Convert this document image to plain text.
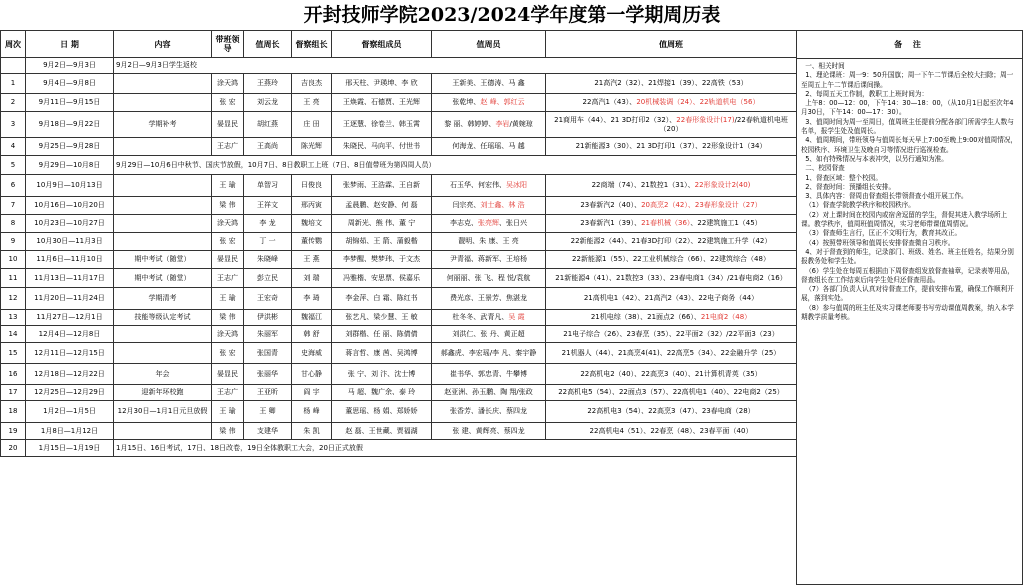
开封技师学院2023/2024学年度第一学期周历表
周次	日 期	内容	带班领导	值周长	督察组长	督察组成员	值周员	值周班
	9月2日—9月3日	9月2日—9月3日学生返校						
1	9月4日—9月8日		涂天鸿	王燕玲	吉良杰	邢天柱、尹瑛坤、李 欣	王新美、王德涛、马 鑫	21高汽2（32）、21焊接1（39）、22高铁（53）
2	9月11日—9月15日		张 宏	刘云龙	王 亮	王焕霞、石德贾、王光辉	张乾坤、赵 峰、郭红云	22高汽1（43）、20机械装调（24）、22轨道机电（56）
3	9月18日—9月22日	学期补考	晏显民	胡红燕	庄 田	王逐慧、徐卷兰、韩玉霄	黎 丽、韩婷婷、李岩/黄婉琼	21商用车（44）、21 3D打印2（32）、22春形象设计(17)/22春轨道机电班（20）
4	9月25日—9月28日		王志广	王高尚	陈光辉	朱晓民、马向平、付世书	何海龙、任瑶瑶、马 越	21新能源3（30）、21 3D打印1（37）、22形象设计1（34）
5	9月29日—10月8日	9月29日—10月6日中秋节、国庆节放假，10月7日、8日教职工上班（7日、8日值带班为第四周人员）						
6	10月9日—10月13日		王 瑜	单智习	曰俊良	张梦雨、王浩霖、王自新	石玉华、何宏伟、吴冰阳	22商端（74）、21数控1（31）、22形象设计2(40)
7	10月16日—10月20日		梁 伟	王祥文	邢丙寅	孟晨鹏、赵安静、何 磊	闫宗亮、刘士鑫、林 浩	23春新汽2（40）、20高烹2（42）、23春形象设计（27）
8	10月23日—10月27日		涂天鸿	李 龙	魏培文	周新光、熊 伟、董 宁	李志克、张亮辉、张日兴	23春新汽1（39）、21春机械（36）、22建筑施工1（45）
9	10月30日—11月3日		张 宏	丁 一	董传鹦	胡锦茹、王 箭、蒲毅楷	靓明、朱 康、王 亮	22新能源2（44）、21春3D打印（22）、22建筑施工升学（42）
10	11月6日—11月10日	期中考试（随堂）	晏显民	朱晓峰	王 燕	李梦醒、樊梦玮、于文杰	尹青福、蒋新军、王培杨	22新能源1（55）、22工业机械综合（66）、22建筑综合（48）
11	11月13日—11月17日	期中考试（随堂）	王志广	彭立民	刘 瑞	冯雅楷、安思票、侯嘉乐	何丽丽、张 飞、程 悦/袁航	21新能源4（41）、21数控3（33）、23春电商1（34）/21春电商2（16）
12	11月20日—11月24日	学期清考	王 瑜	王宏奇	李 琦	李金萍、白 霜、陈红书	费光彦、王景芳、焦湛龙	21高机电1（42）、21高汽2（43）、22电子商务（44）
13	11月27日—12月1日	技能等级认定考试	梁 伟	伊洪彬	魏福江	张艺凡、梁少慧、王 敏	杜冬冬、武青凡、吴 霞	21机电综（38）、21面点2（66）、21电商2（48）
14	12月4日—12月8日		涂天鸿	朱丽军	韩 舒	刘群楷、任 丽、陈倩倩	刘洪仁、张 丹、黄正超	21电子综合（26）、23春烹（35）、22平面2（32）/22平面3（23）
15	12月11日—12月15日		张 宏	张国青	史海威	蒋言哲、康 茜、吴鸿博	郝鑫虎、李宏瑶/李 凡、秦宇静	21机器人（44）、21高烹4(41)、22高烹5（34）、22金融升学（25）
16	12月18日—12月22日	年会	晏显民	张丽华	甘心静	张 宁、刘 汴、沈士博	崔书华、郭忠青、牛攀博	22高机电2（40）、22高烹3（40）、21计算机青英（35）
17	12月25日—12月29日	迎新年环校跑	王志广	王亚昕	阎 宇	马 超、魏广余、泰 玲	赵亚洲、孙玉鹏、陶 翔/张政	22高机电5（54）、22面点3（57）、22高机电1（40）、22电商2（25）
18	1月2日—1月5日	12月30日—1月1日元旦放假	王 瑜	王 卿	杨 峰	董思瑶、杨 娟、郑娇娇	张香芳、潘长庆、蔡四龙	22高机电3（54）、22高烹3（47）、23春电商（28）
19	1月8日—1月12日		梁 伟	支建华	朱 凯	赵 磊、王世藏、贾福湖	张 建、黄辉亮、蔡四龙	22高机电4（51）、22春烹（48）、23春平面（40）
20	1月15日—1月19日	1月15日、16日考试，17日、18日改卷，19日全体教职工大会，20日正式放假						
备 注
一、相关时间
1、理论课班：周一9：50升国旗；周一下午二节课后全校大扫除；周一至周五上午二节课后课间操。
2、每周五天工作制，教职工上班时间为：
上午8：00—12：00，下午14：30—18：00，（从10月1日起至次年4月30日，下午14：00—17：30）。
3、值周时间为周一至周日，值周班主任提前分配各部门所需学生人数与名单，报学生处及值周长。
4、值周期间，带班领导与值周长每天早上7:00至晚上9:00对值周情况，校园秩序、环境卫生及晚自习等情况进行巡视检查。
5、如有特殊情况与本表冲突，以另行通知为准。
二、校园督查
1、督查区域：整个校园。
2、督查时间：预播组长安排。
3、具体内容：督周由督查组长带领督查小组开展工作。
（1）督查学院教学秩序和校园秩序。
（2）对上课时间在校园内或宿舍逗留的学生，督促其进入教学场所上课。教学秩序，值周班值周情况，实习老师带课值周情况。
（3）督查师生言行，匡正不文明行为，教育其改正。
（4）按照带班领导和值周长安排督查微自习秩序。
4、对于督查到的师生，记录部门、班级、姓名、班主任姓名，结果分别报教务处和学生处。
（6）学生处在每周五根据由下周督查组发放督查袖章，记录表等用品，督查组长在工作结束后向学生处归还督查用品。
（7）各部门负责人认真对待督查工作，提前安排布置，确保工作顺利开展，落到实处。
（8）参与值周的班主任及实习课老师要书写劳动课值周教案，纳入本学期教学质量考核。
